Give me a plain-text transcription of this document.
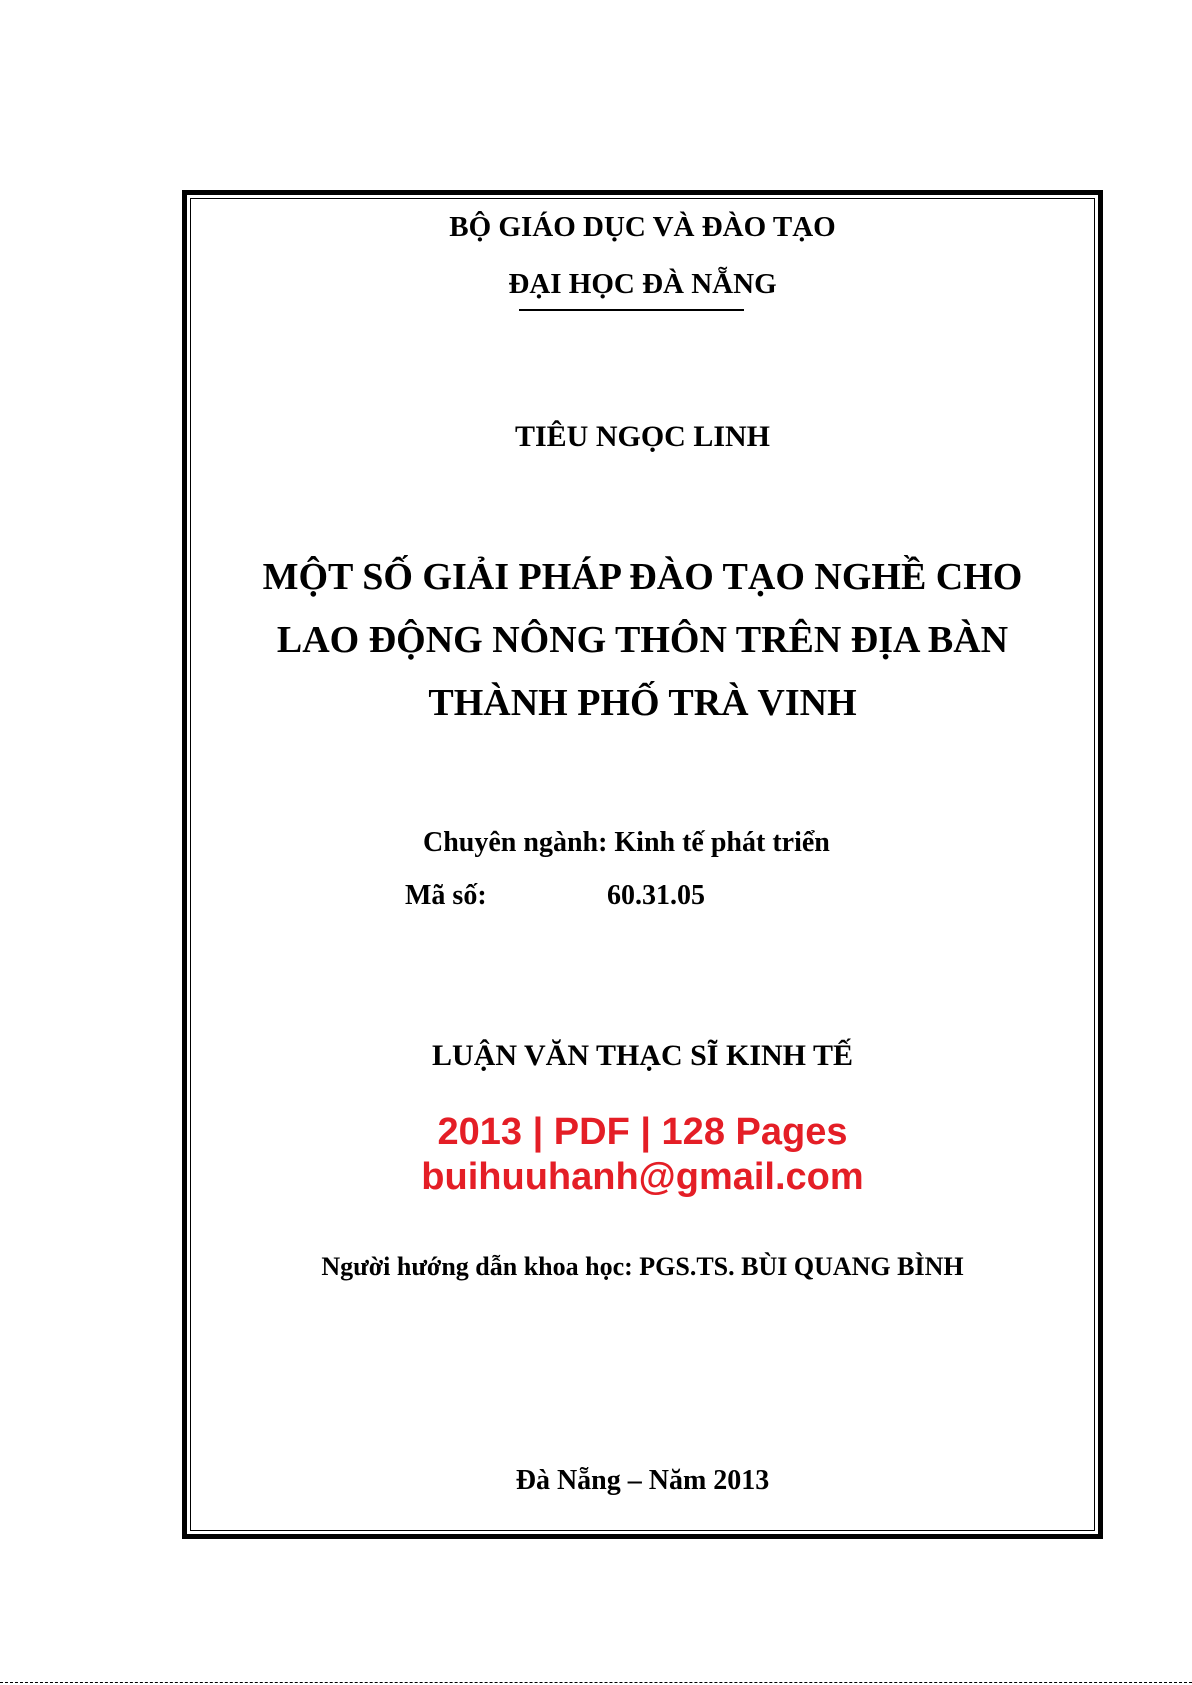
BỘ GIÁO DỤC VÀ ĐÀO TẠO
ĐẠI HỌC ĐÀ NẴNG
TIÊU NGỌC LINH
MỘT SỐ GIẢI PHÁP ĐÀO TẠO NGHỀ CHO
LAO ĐỘNG NÔNG THÔN TRÊN ĐỊA BÀN
THÀNH PHỐ TRÀ VINH
Chuyên ngành: Kinh tế phát triển
Mã số:	60.31.05
LUẬN VĂN THẠC SĨ KINH TẾ
2013 | PDF | 128 Pages
buihuuhanh@gmail.com
Người hướng dẫn khoa học: PGS.TS. BÙI QUANG BÌNH
Đà Nẵng – Năm 2013
